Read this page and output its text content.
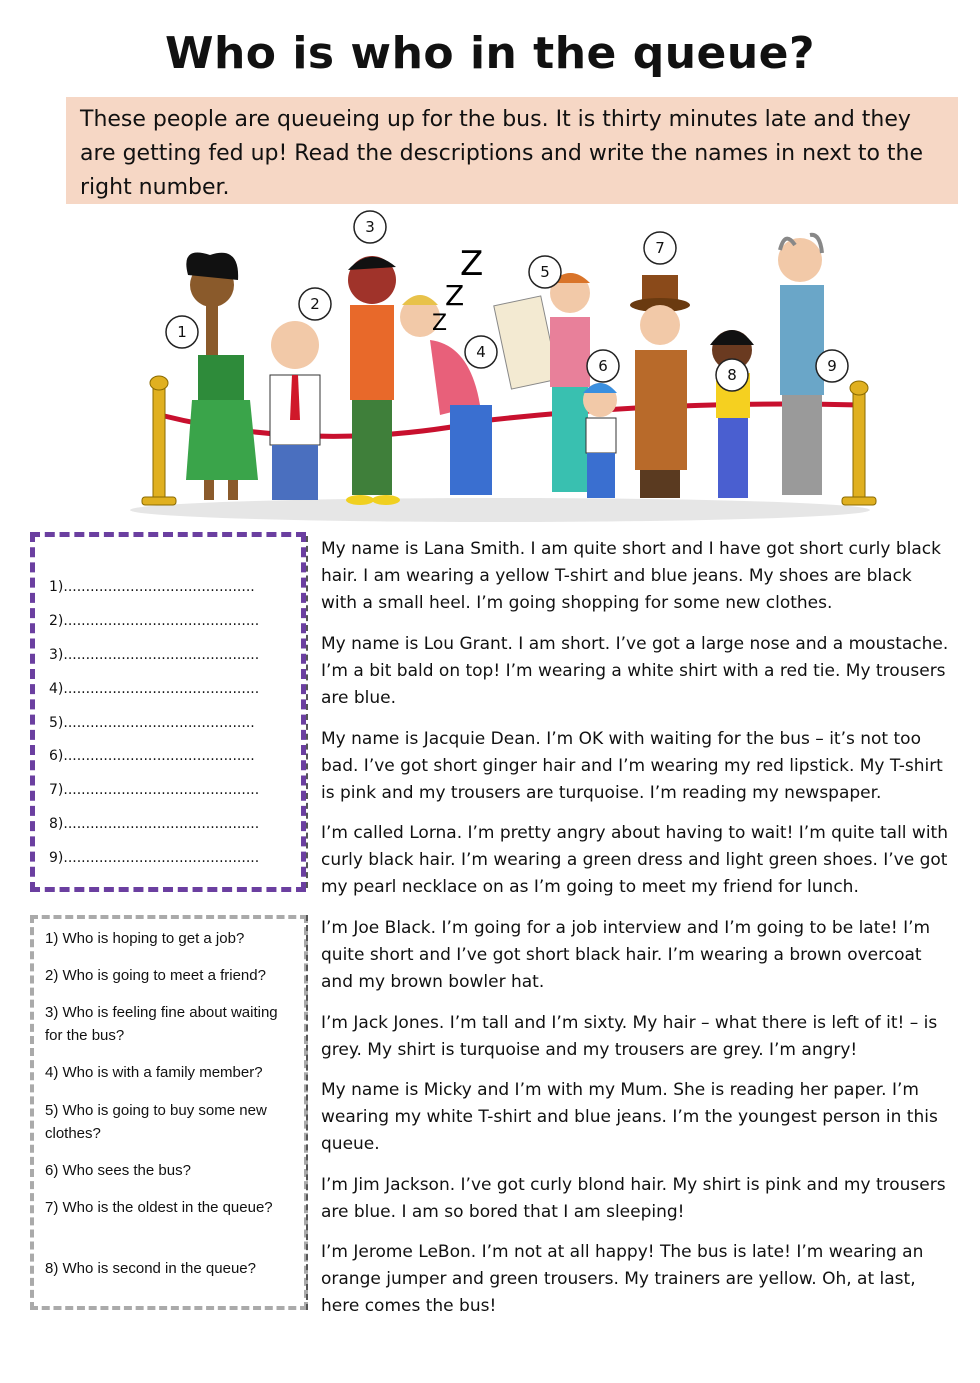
Who is who in the queue?
These people are queueing up for the bus. It is thirty minutes late and they are getting fed up! Read the descriptions and write the names in next to the right number.
Z
Z
Z
1
2
3
4
5
6
7
8	9
1)...........................................
2)............................................
3)............................................
4)............................................
5)...........................................
6)...........................................
7)............................................
8)............................................
9)............................................
1) Who is hoping to get a job?
2) Who is going to meet a friend?
3) Who is feeling fine about waiting for the bus?
4) Who is with a family member?
5) Who is going to buy some new clothes?
6) Who sees the bus?
7) Who is the oldest in the queue?
8) Who is second in the queue?
My name is Lana Smith. I am quite short and I have got short curly black hair. I am wearing a yellow T-shirt and blue jeans. My shoes are black with a small heel. I’m going shopping for some new clothes.
My name is Lou Grant. I am short. I’ve got a large nose and a moustache. I’m a bit bald on top! I’m wearing a white shirt with a red tie. My trousers are blue.
My name is Jacquie Dean. I’m OK with waiting for the bus – it’s not too bad. I’ve got short ginger hair and I’m wearing my red lipstick. My T-shirt is pink and my trousers are turquoise. I’m reading my newspaper.
I’m called Lorna. I’m pretty angry about having to wait! I’m quite tall with curly black hair. I’m wearing a green dress and light green shoes. I’ve got my pearl necklace on as I’m going to meet my friend for lunch.
I’m Joe Black. I’m going for a job interview and I’m going to be late! I’m quite short and I’ve got short black hair. I’m wearing a brown overcoat and my brown bowler hat.
I’m Jack Jones. I’m tall and I’m sixty. My hair – what there is left of it! – is grey. My shirt is turquoise and my trousers are grey. I’m angry!
My name is Micky and I’m with my Mum. She is reading her paper. I’m wearing my white T-shirt and blue jeans. I’m the youngest person in this queue.
I’m Jim Jackson. I’ve got curly blond hair. My shirt is pink and my trousers are blue. I am so bored that I am sleeping!
I’m Jerome LeBon. I’m not at all happy! The bus is late! I’m wearing an orange jumper and green trousers. My trainers are yellow. Oh, at last, here comes the bus!
